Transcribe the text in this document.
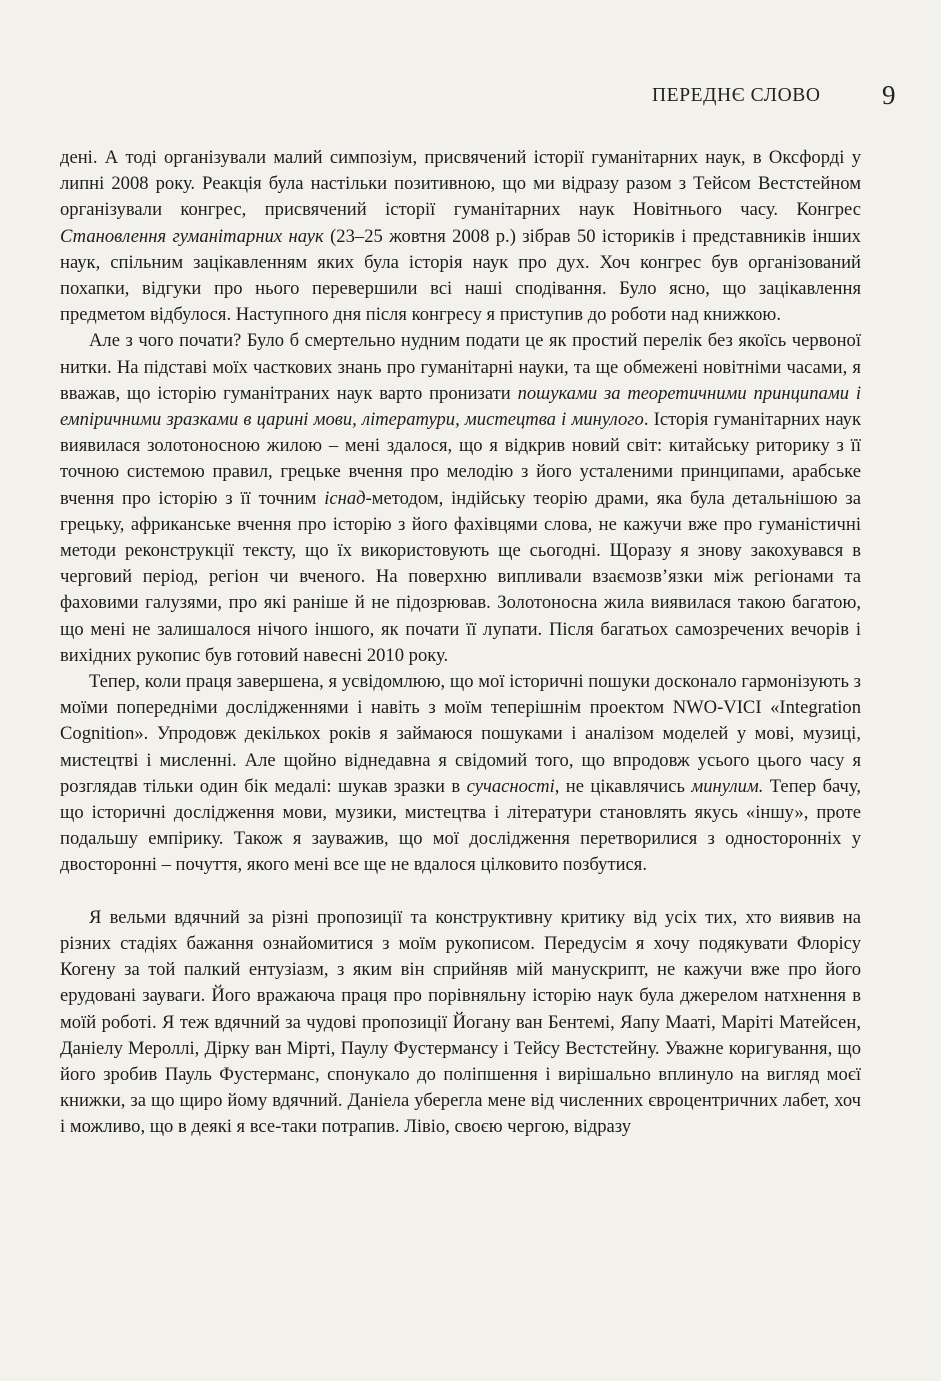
ПЕРЕДНЄ СЛОВО 9

дені. А тоді організували малий симпозіум, присвячений історії гуманітарних наук, в Оксфорді у липні 2008 року. Реакція була настільки позитивною, що ми відразу разом з Тейсом Вестстейном організували конгрес, присвячений історії гуманітарних наук Новітнього часу. Конгрес Становлення гуманітарних наук (23–25 жовтня 2008 р.) зібрав 50 істориків і представників інших наук, спільним зацікавленням яких була історія наук про дух. Хоч конгрес був організований похапки, відгуки про нього перевершили всі наші сподівання. Було ясно, що зацікавлення предметом відбулося. Наступного дня після конгресу я приступив до роботи над книжкою.

Але з чого почати? Було б смертельно нудним подати це як простий перелік без якоїсь червоної нитки. На підставі моїх часткових знань про гуманітарні науки, та ще обмежені новітніми часами, я вважав, що історію гуманітраних наук варто пронизати пошуками за теоретичними принципами і емпіричними зразками в царині мови, літератури, мистецтва і минулого. Історія гуманітарних наук виявилася золотоносною жилою – мені здалося, що я відкрив новий світ: китайську риторику з її точною системою правил, грецьке вчення про мелодію з його усталеними принципами, арабське вчення про історію з її точним існад-методом, індійську теорію драми, яка була детальнішою за грецьку, африканське вчення про історію з його фахівцями слова, не кажучи вже про гуманістичні методи реконструкції тексту, що їх використовують ще сьогодні. Щоразу я знову закохувався в черговий період, регіон чи вченого. На поверхню випливали взаємозв’язки між регіонами та фаховими галузями, про які раніше й не підозрював. Золотоносна жила виявилася такою багатою, що мені не залишалося нічого іншого, як почати її лупати. Після багатьох самозречених вечорів і вихідних рукопис був готовий навесні 2010 року.

Тепер, коли праця завершена, я усвідомлюю, що мої історичні пошуки досконало гармонізують з моїми попередніми дослідженнями і навіть з моїм теперішнім проектом NWO-VICI «Integration Cognition». Упродовж декількох років я займаюся пошуками і аналізом моделей у мові, музиці, мистецтві і мисленні. Але щойно віднедавна я свідомий того, що впродовж усього цього часу я розглядав тільки один бік медалі: шукав зразки в сучасності, не цікавлячись минулим. Тепер бачу, що історичні дослідження мови, музики, мистецтва і літератури становлять якусь «іншу», проте подальшу емпірику. Також я зауважив, що мої дослідження перетворилися з односторонніх у двосторонні – почуття, якого мені все ще не вдалося цілковито позбутися.

Я вельми вдячний за різні пропозиції та конструктивну критику від усіх тих, хто виявив на різних стадіях бажання ознайомитися з моїм рукописом. Передусім я хочу подякувати Флорісу Когену за той палкий ентузіазм, з яким він сприйняв мій манускрипт, не кажучи вже про його ерудовані зауваги. Його вражаюча праця про порівняльну історію наук була джерелом натхнення в моїй роботі. Я теж вдячний за чудові пропозиції Йогану ван Бентемі, Яапу Мааті, Маріті Матейсен, Даніелу Мероллі, Дірку ван Мірті, Паулу Фустермансу і Тейсу Вестстейну. Уважне коригування, що його зробив Пауль Фустерманс, спонукало до поліпшення і вирішально вплинуло на вигляд моєї книжки, за що щиро йому вдячний. Даніела уберегла мене від численних євроцентричних лабет, хоч і можливо, що в деякі я все-таки потрапив. Лівіо, своєю чергою, відразу
